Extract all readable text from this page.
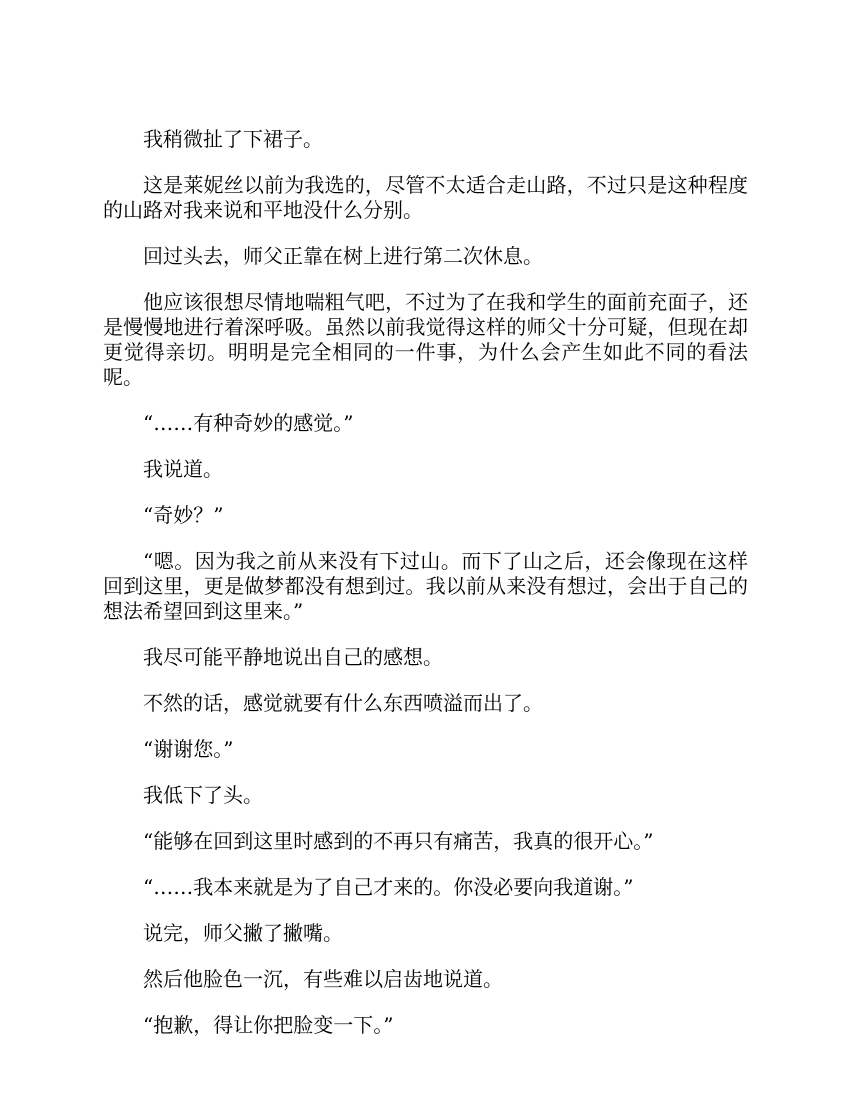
我稍微扯了下裙子。

这是莱妮丝以前为我选的，尽管不太适合走山路，不过只是这种程度的山路对我来说和平地没什么分别。

回过头去，师父正靠在树上进行第二次休息。

他应该很想尽情地喘粗气吧，不过为了在我和学生的面前充面子，还是慢慢地进行着深呼吸。虽然以前我觉得这样的师父十分可疑，但现在却更觉得亲切。明明是完全相同的一件事，为什么会产生如此不同的看法呢。

“……有种奇妙的感觉。”

我说道。

“奇妙？”

“嗯。因为我之前从来没有下过山。而下了山之后，还会像现在这样回到这里，更是做梦都没有想到过。我以前从来没有想过，会出于自己的想法希望回到这里来。”

我尽可能平静地说出自己的感想。

不然的话，感觉就要有什么东西喷溢而出了。

“谢谢您。”

我低下了头。

“能够在回到这里时感到的不再只有痛苦，我真的很开心。”

“……我本来就是为了自己才来的。你没必要向我道谢。”

说完，师父撇了撇嘴。

然后他脸色一沉，有些难以启齿地说道。

“抱歉，得让你把脸变一下。”
